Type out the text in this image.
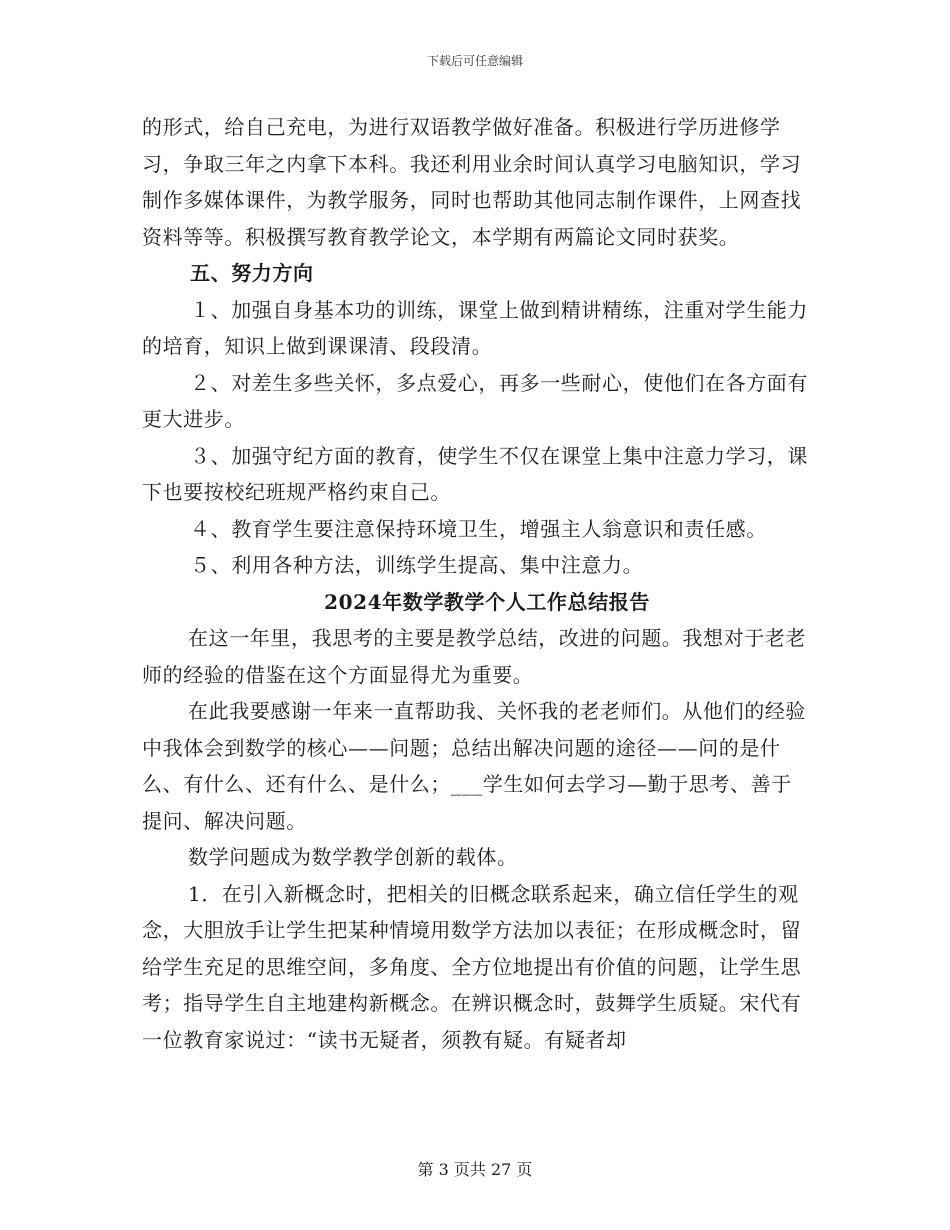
下载后可任意编辑

的形式，给自己充电，为进行双语教学做好准备。积极进行学历进修学习，争取三年之内拿下本科。我还利用业余时间认真学习电脑知识，学习制作多媒体课件，为教学服务，同时也帮助其他同志制作课件，上网查找资料等等。积极撰写教育教学论文，本学期有两篇论文同时获奖。

五、努力方向

１、加强自身基本功的训练，课堂上做到精讲精练，注重对学生能力的培育，知识上做到课课清、段段清。

２、对差生多些关怀，多点爱心，再多一些耐心，使他们在各方面有更大进步。

３、加强守纪方面的教育，使学生不仅在课堂上集中注意力学习，课下也要按校纪班规严格约束自己。

４、教育学生要注意保持环境卫生，增强主人翁意识和责任感。

５、利用各种方法，训练学生提高、集中注意力。

2024年数学教学个人工作总结报告

在这一年里，我思考的主要是教学总结，改进的问题。我想对于老老师的经验的借鉴在这个方面显得尤为重要。

在此我要感谢一年来一直帮助我、关怀我的老老师们。从他们的经验中我体会到数学的核心——问题；总结出解决问题的途径——问的是什么、有什么、还有什么、是什么；___学生如何去学习—勤于思考、善于提问、解决问题。

数学问题成为数学教学创新的载体。

1．在引入新概念时，把相关的旧概念联系起来，确立信任学生的观念，大胆放手让学生把某种情境用数学方法加以表征；在形成概念时，留给学生充足的思维空间，多角度、全方位地提出有价值的问题，让学生思考；指导学生自主地建构新概念。在辨识概念时，鼓舞学生质疑。宋代有一位教育家说过：“读书无疑者，须教有疑。有疑者却

第 3 页共 27 页
